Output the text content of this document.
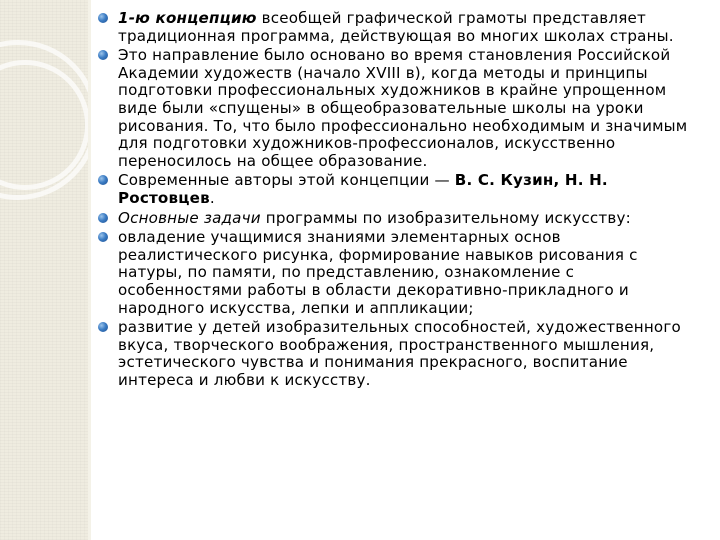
1-ю концепцию всеобщей графической грамоты представляет традиционная программа, действующая во многих школах страны.
Это направление было основано во время становления Российской Академии художеств (начало XVIII в), когда методы и принципы подготовки профессиональных художников в крайне упрощенном виде были «спущены» в общеобразовательные школы на уроки рисования. То, что было профессионально необходимым и значимым для подготовки художников-профессионалов, искусственно переносилось на общее образование.
Современные авторы этой концепции — В. С. Кузин, Н. Н. Ростовцев.
Основные задачи программы по изобразительному искусству:
овладение учащимися знаниями элементарных основ реалистического рисунка, формирование навыков рисования с натуры, по памяти, по представлению, ознакомление с особенностями работы в области декоративно-прикладного и народного искусства, лепки и аппликации;
развитие у детей изобразительных способностей, художественного вкуса, творческого воображения, пространственного мышления, эстетического чувства и понимания прекрасного, воспитание интереса и любви к искусству.
